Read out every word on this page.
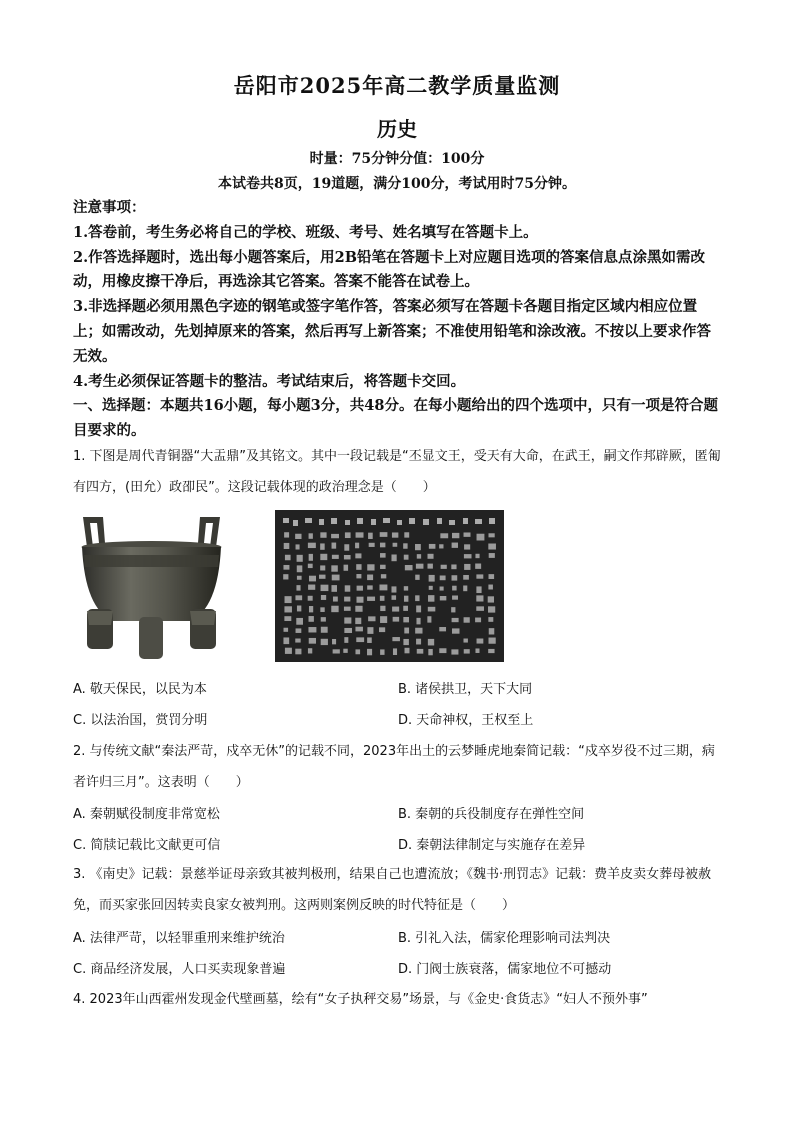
岳阳市2025年高二教学质量监测
历史
时量：75分钟分值：100分
本试卷共8页，19道题，满分100分，考试用时75分钟。

注意事项：

1.答卷前，考生务必将自己的学校、班级、考号、姓名填写在答题卡上。

2.作答选择题时，选出每小题答案后，用2B铅笔在答题卡上对应题目选项的答案信息点涂黑如需改动，用橡皮擦干净后，再选涂其它答案。答案不能答在试卷上。

3.非选择题必须用黑色字迹的钢笔或签字笔作答，答案必须写在答题卡各题目指定区域内相应位置上；如需改动，先划掉原来的答案，然后再写上新答案；不准使用铅笔和涂改液。不按以上要求作答无效。

4.考生必须保证答题卡的整洁。考试结束后，将答题卡交回。

一、选择题：本题共16小题，每小题3分，共48分。在每小题给出的四个选项中，只有一项是符合题目要求的。

1. 下图是周代青铜器“大盂鼎”及其铭文。其中一段记载是“丕显文王，受天有大命，在武王，嗣文作邦辟厥，匿匍有四方，(田允）政卲民”。这段记载体现的政治理念是（　　）

A. 敬天保民，以民为本	B. 诸侯拱卫，天下大同
C. 以法治国，赏罚分明	D. 天命神权，王权至上

2. 与传统文献“秦法严苛，戍卒无休”的记载不同，2023年出土的云梦睡虎地秦简记载：“戍卒岁役不过三期，病者许归三月”。这表明（　　）

A. 秦朝赋役制度非常宽松	B. 秦朝的兵役制度存在弹性空间
C. 简牍记载比文献更可信	D. 秦朝法律制定与实施存在差异

3. 《南史》记载：景慈举证母亲致其被判极刑，结果自己也遭流放；《魏书·刑罚志》记载：费羊皮卖女葬母被赦免，而买家张回因转卖良家女被判刑。这两则案例反映的时代特征是（　　）

A. 法律严苛，以轻罪重刑来维护统治	B. 引礼入法，儒家伦理影响司法判决
C. 商品经济发展，人口买卖现象普遍	D. 门阀士族衰落，儒家地位不可撼动

4. 2023年山西霍州发现金代壁画墓，绘有“女子执秤交易”场景，与《金史·食货志》“妇人不预外事”
